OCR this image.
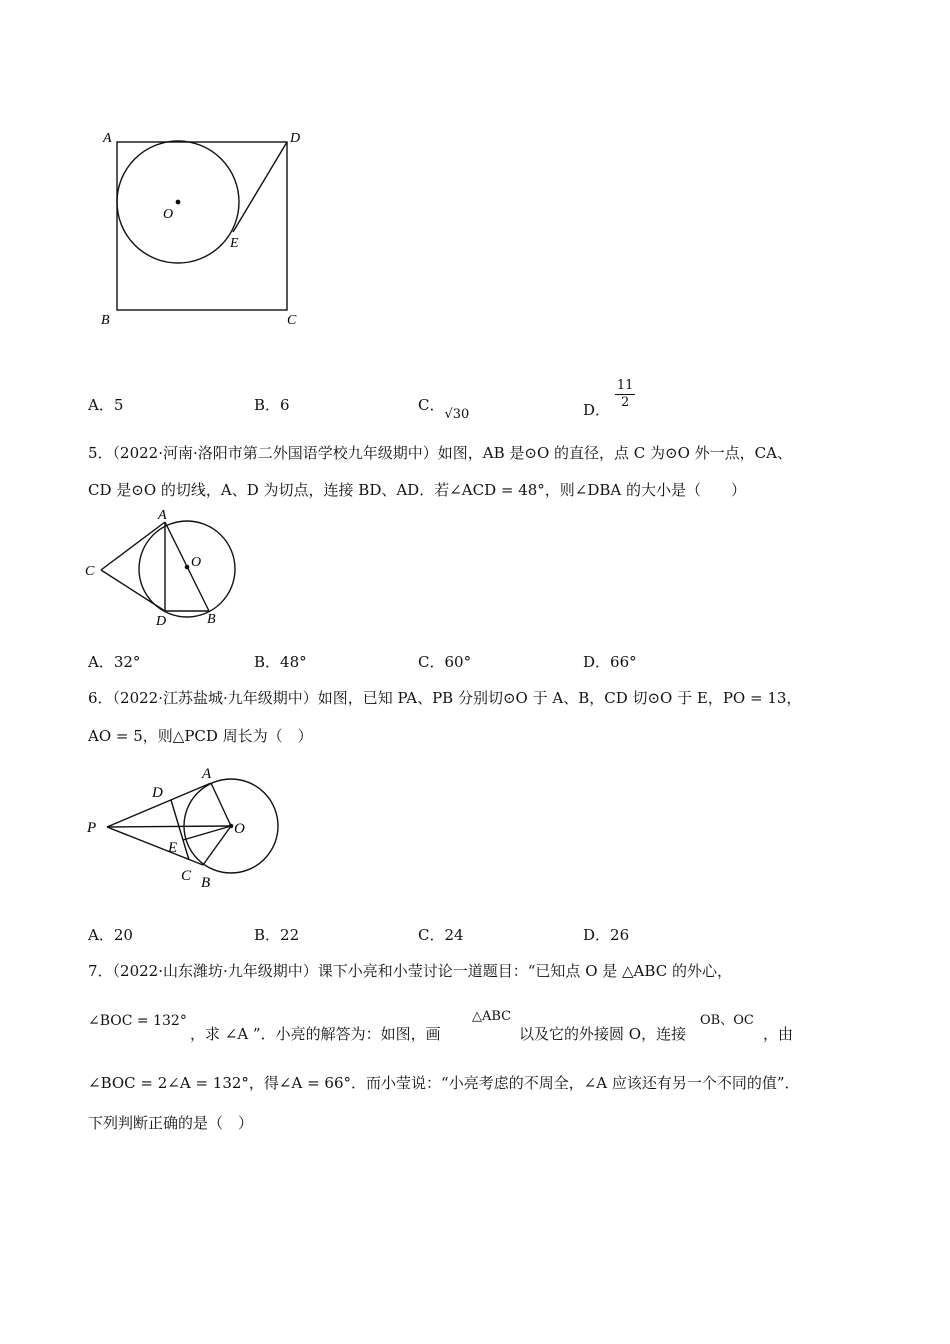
A	D
B	C
O
E
A．5	B．6	C．√30	D． $\frac{11}{2}$
5．（2022·河南·洛阳市第二外国语学校九年级期中）如图，AB 是⊙O 的直径，点 C 为⊙O 外一点，CA、
CD 是⊙O 的切线，A、D 为切点，连接 BD、AD．若∠ACD = 48°，则∠DBA 的大小是（　　）
A
C
O
D	B
A．32°	B．48°	C．60°	D．66°
6．（2022·江苏盐城·九年级期中）如图，已知 PA、PB 分别切⊙O 于 A、B，CD 切⊙O 于 E，PO = 13，
AO = 5，则△PCD 周长为（　）
A
D
P	O
E
C B
A．20	B．22	C．24	D．26
7．（2022·山东潍坊·九年级期中）课下小亮和小莹讨论一道题目：“已知点 O 是 △ABC 的外心，
∠BOC = 132°
，求 ∠A ”．小亮的解答为：如图，画
△ABC
以及它的外接圆 O，连接
OB、OC
，由
∠BOC = 2∠A = 132°，得∠A = 66°．而小莹说：“小亮考虑的不周全，∠A 应该还有另一个不同的值”．
下列判断正确的是（　）
